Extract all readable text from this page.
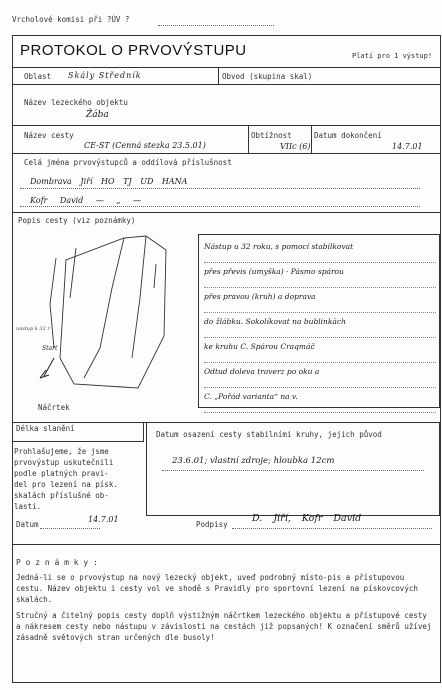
Vrcholové komisi při ?ÚV ?
PROTOKOL O PRVOVÝSTUPU	Platí pro 1 výstup!
Oblast Skály Středník	Obvod (skupina skal)
Název lezeckého objektu
Žába
Název cesty
CE-ST (Cenná stezka 23.5.01)
Obtížnost
VIIc (6)
Datum dokončení
14.7.01
Celá jména prvovýstupců a oddílová příslušnost
Dombrava Jiří HO TJ UD HANA
Kofr David — „ —
Popis cesty (viz poznámky)
nástup k 32 r.
Start
Náčrtek
Nástup u 32 roku, s pomocí stabilkovat
přes převis (umyška) · Pásmo spárou
přes pravou (kruh) a doprava
do žlábku. Sokolíkovat na bublinkách
ke kruhu C. Spárou Craqmáč
Odtud doleva traverz po oku a
C. „Pořád varianta“ na v.
Délka slanění
Datum osazení cesty stabilními kruhy, jejich původ
23.6.01; vlastní zdroje; hloubka 12cm
Prohlašujeme, že jsme
prvovýstup uskutečnili
podle platných pravi-
del pro lezení na písk.
skalách příslušné ob-
lasti.
Datum
14.7.01
Podpisy
D. Jiří, Kofr David
P o z n á m k y :

Jedná-li se o prvovýstup na nový lezecký objekt, uveď podrobný místo-pis a přístupovou cestu. Název objektu i cesty vol ve shodě s Pravidly pro sportovní lezení na pískovcových skalách.

Stručný a čitelný popis cesty doplň výstižným náčrtkem lezeckého objektu a přístupové cesty a nákresem cesty nebo nástupu v závislosti na cestách již popsaných! K označení směrů užívej zásadně světových stran určených dle busoly!
